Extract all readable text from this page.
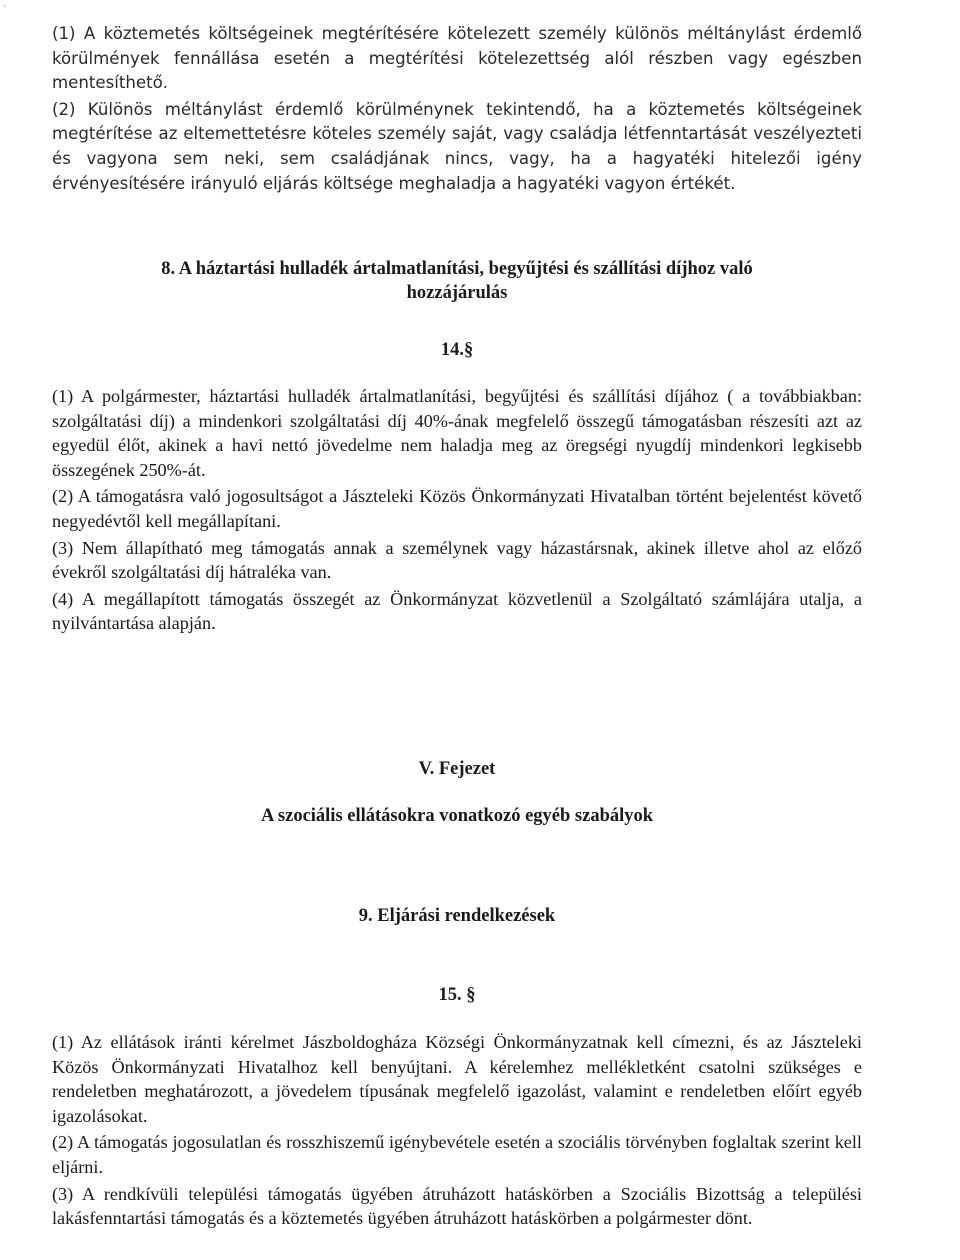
'

(1) A köztemetés költségeinek megtérítésére kötelezett személy különös méltánylást érdemlő körülmények fennállása esetén a megtérítési kötelezettség alól részben vagy egészben mentesíthető.

(2) Különös méltánylást érdemlő körülménynek tekintendő, ha a köztemetés költségeinek megtérítése az eltemettetésre köteles személy saját, vagy családja létfenntartását veszélyezteti és vagyona sem neki, sem családjának nincs, vagy, ha a hagyatéki hitelezői igény érvényesítésére irányuló eljárás költsége meghaladja a hagyatéki vagyon értékét.

8. A háztartási hulladék ártalmatlanítási, begyűjtési és szállítási díjhoz való

hozzájárulás

14.§

(1) A polgármester, háztartási hulladék ártalmatlanítási, begyűjtési és szállítási díjához ( a továbbiakban: szolgáltatási díj) a mindenkori szolgáltatási díj 40%-ának megfelelő összegű támogatásban részesíti azt az egyedül élőt, akinek a havi nettó jövedelme nem haladja meg az öregségi nyugdíj mindenkori legkisebb összegének 250%-át.

(2) A támogatásra való jogosultságot a Jászteleki Közös Önkormányzati Hivatalban történt bejelentést követő negyedévtől kell megállapítani.

(3) Nem állapítható meg támogatás annak a személynek vagy házastársnak, akinek illetve ahol az előző évekről szolgáltatási díj hátraléka van.

(4) A megállapított támogatás összegét az Önkormányzat közvetlenül a Szolgáltató számlájára utalja, a nyilvántartása alapján.

V. Fejezet

A szociális ellátásokra vonatkozó egyéb szabályok

9. Eljárási rendelkezések

15. §

(1) Az ellátások iránti kérelmet Jászboldogháza Községi Önkormányzatnak kell címezni, és az Jászteleki Közös Önkormányzati Hivatalhoz kell benyújtani. A kérelemhez mellékletként csatolni szükséges e rendeletben meghatározott, a jövedelem típusának megfelelő igazolást, valamint e rendeletben előírt egyéb igazolásokat.

(2) A támogatás jogosulatlan és rosszhiszemű igénybevétele esetén a szociális törvényben foglaltak szerint kell eljárni.

(3) A rendkívüli települési támogatás ügyében átruházott hatáskörben a Szociális Bizottság a települési lakásfenntartási támogatás és a köztemetés ügyében átruházott hatáskörben a polgármester dönt.
